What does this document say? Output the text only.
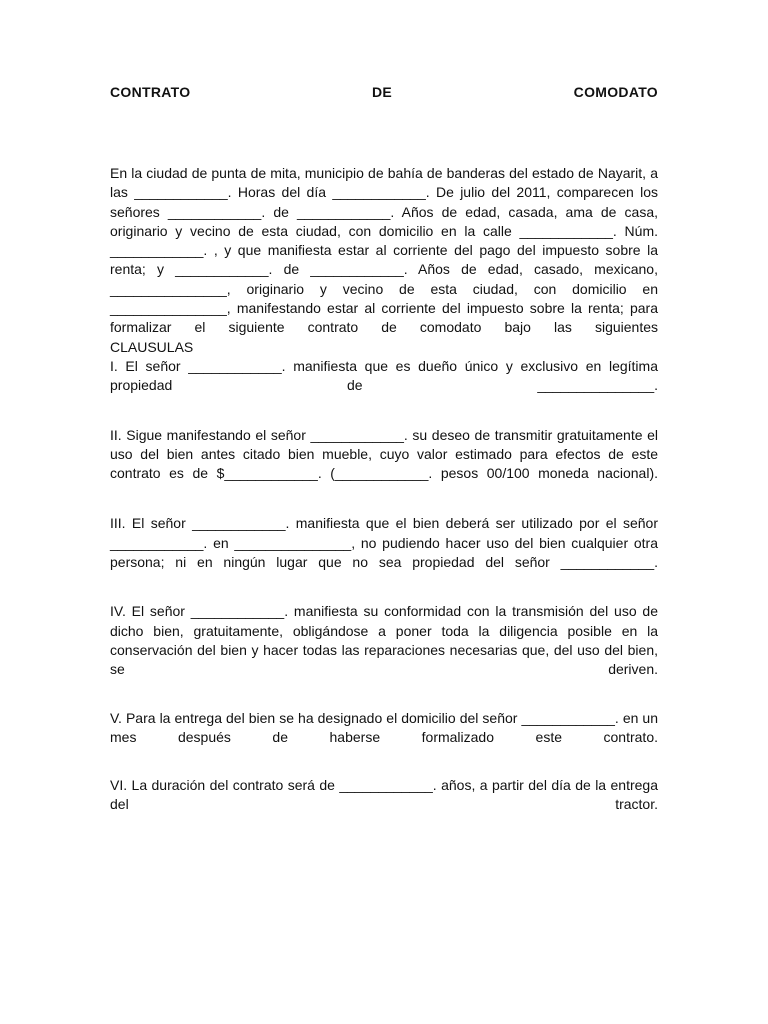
CONTRATO	DE	COMODATO

En la ciudad de punta de mita, municipio de bahía de banderas del estado de Nayarit, a las ____________. Horas del día ____________. De julio del 2011, comparecen los señores ____________. de ____________. Años de edad, casada, ama de casa, originario y vecino de esta ciudad, con domicilio en la calle ____________. Núm. ____________. , y que manifiesta estar al corriente del pago del impuesto sobre la renta; y ____________. de ____________. Años de edad, casado, mexicano, _______________, originario y vecino de esta ciudad, con domicilio en _______________, manifestando estar al corriente del impuesto sobre la renta; para formalizar el siguiente contrato de comodato bajo las siguientes

CLAUSULAS

I. El señor ____________. manifiesta que es dueño único y exclusivo en legítima propiedad de _______________.

II. Sigue manifestando el señor ____________. su deseo de transmitir gratuitamente el uso del bien antes citado bien mueble, cuyo valor estimado para efectos de este contrato es de $____________. (____________. pesos 00/100 moneda nacional).

III. El señor ____________. manifiesta que el bien deberá ser utilizado por el señor ____________. en _______________, no pudiendo hacer uso del bien cualquier otra persona; ni en ningún lugar que no sea propiedad del señor ____________.

IV. El señor ____________. manifiesta su conformidad con la transmisión del uso de dicho bien, gratuitamente, obligándose a poner toda la diligencia posible en la conservación del bien y hacer todas las reparaciones necesarias que, del uso del bien, se deriven.

V. Para la entrega del bien se ha designado el domicilio del señor ____________. en un mes después de haberse formalizado este contrato.

VI. La duración del contrato será de ____________. años, a partir del día de la entrega del tractor.
